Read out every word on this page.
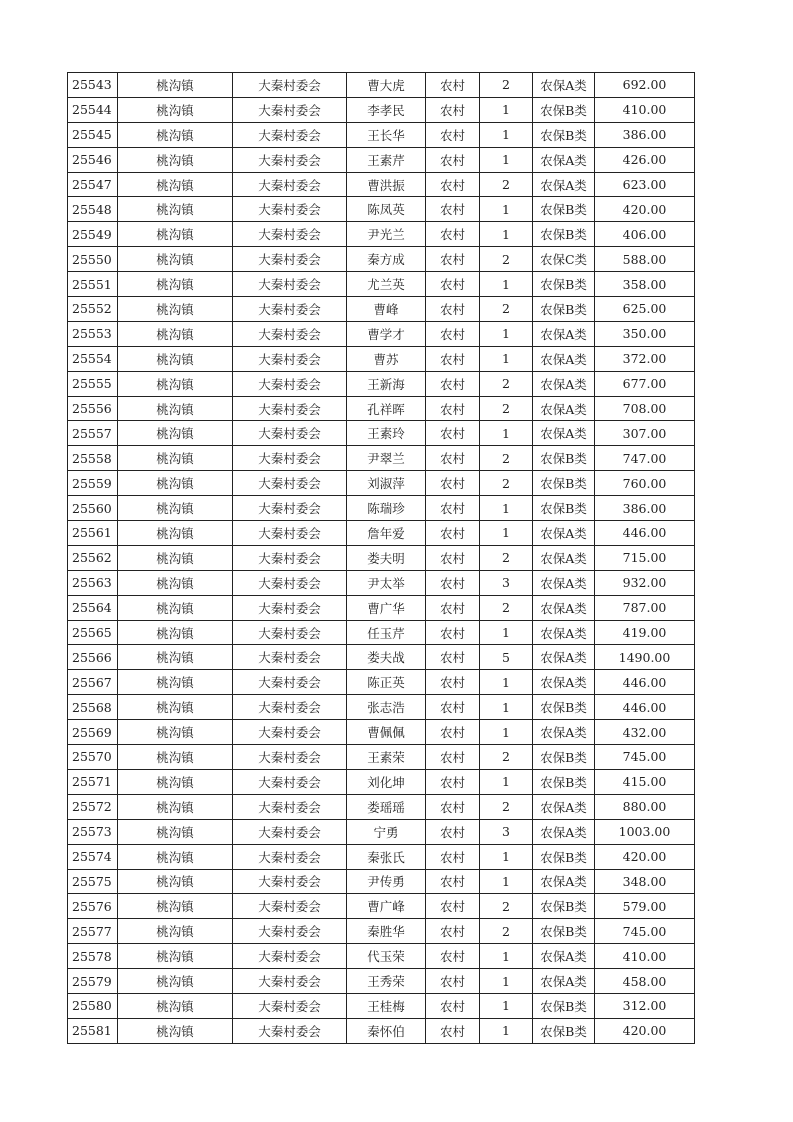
25543	桃沟镇	大秦村委会	曹大虎	农村	2	农保A类	692.00
25544	桃沟镇	大秦村委会	李孝民	农村	1	农保B类	410.00
25545	桃沟镇	大秦村委会	王长华	农村	1	农保B类	386.00
25546	桃沟镇	大秦村委会	王素芹	农村	1	农保A类	426.00
25547	桃沟镇	大秦村委会	曹洪振	农村	2	农保A类	623.00
25548	桃沟镇	大秦村委会	陈凤英	农村	1	农保B类	420.00
25549	桃沟镇	大秦村委会	尹光兰	农村	1	农保B类	406.00
25550	桃沟镇	大秦村委会	秦方成	农村	2	农保C类	588.00
25551	桃沟镇	大秦村委会	尤兰英	农村	1	农保B类	358.00
25552	桃沟镇	大秦村委会	曹峰	农村	2	农保B类	625.00
25553	桃沟镇	大秦村委会	曹学才	农村	1	农保A类	350.00
25554	桃沟镇	大秦村委会	曹苏	农村	1	农保A类	372.00
25555	桃沟镇	大秦村委会	王新海	农村	2	农保A类	677.00
25556	桃沟镇	大秦村委会	孔祥晖	农村	2	农保A类	708.00
25557	桃沟镇	大秦村委会	王素玲	农村	1	农保A类	307.00
25558	桃沟镇	大秦村委会	尹翠兰	农村	2	农保B类	747.00
25559	桃沟镇	大秦村委会	刘淑萍	农村	2	农保B类	760.00
25560	桃沟镇	大秦村委会	陈瑞珍	农村	1	农保B类	386.00
25561	桃沟镇	大秦村委会	詹年爱	农村	1	农保A类	446.00
25562	桃沟镇	大秦村委会	娄夫明	农村	2	农保A类	715.00
25563	桃沟镇	大秦村委会	尹太举	农村	3	农保A类	932.00
25564	桃沟镇	大秦村委会	曹广华	农村	2	农保A类	787.00
25565	桃沟镇	大秦村委会	任玉芹	农村	1	农保A类	419.00
25566	桃沟镇	大秦村委会	娄夫战	农村	5	农保A类	1490.00
25567	桃沟镇	大秦村委会	陈正英	农村	1	农保A类	446.00
25568	桃沟镇	大秦村委会	张志浩	农村	1	农保B类	446.00
25569	桃沟镇	大秦村委会	曹佩佩	农村	1	农保A类	432.00
25570	桃沟镇	大秦村委会	王素荣	农村	2	农保B类	745.00
25571	桃沟镇	大秦村委会	刘化坤	农村	1	农保B类	415.00
25572	桃沟镇	大秦村委会	娄瑶瑶	农村	2	农保A类	880.00
25573	桃沟镇	大秦村委会	宁勇	农村	3	农保A类	1003.00
25574	桃沟镇	大秦村委会	秦张氏	农村	1	农保B类	420.00
25575	桃沟镇	大秦村委会	尹传勇	农村	1	农保A类	348.00
25576	桃沟镇	大秦村委会	曹广峰	农村	2	农保B类	579.00
25577	桃沟镇	大秦村委会	秦胜华	农村	2	农保B类	745.00
25578	桃沟镇	大秦村委会	代玉荣	农村	1	农保A类	410.00
25579	桃沟镇	大秦村委会	王秀荣	农村	1	农保A类	458.00
25580	桃沟镇	大秦村委会	王桂梅	农村	1	农保B类	312.00
25581	桃沟镇	大秦村委会	秦怀伯	农村	1	农保B类	420.00
